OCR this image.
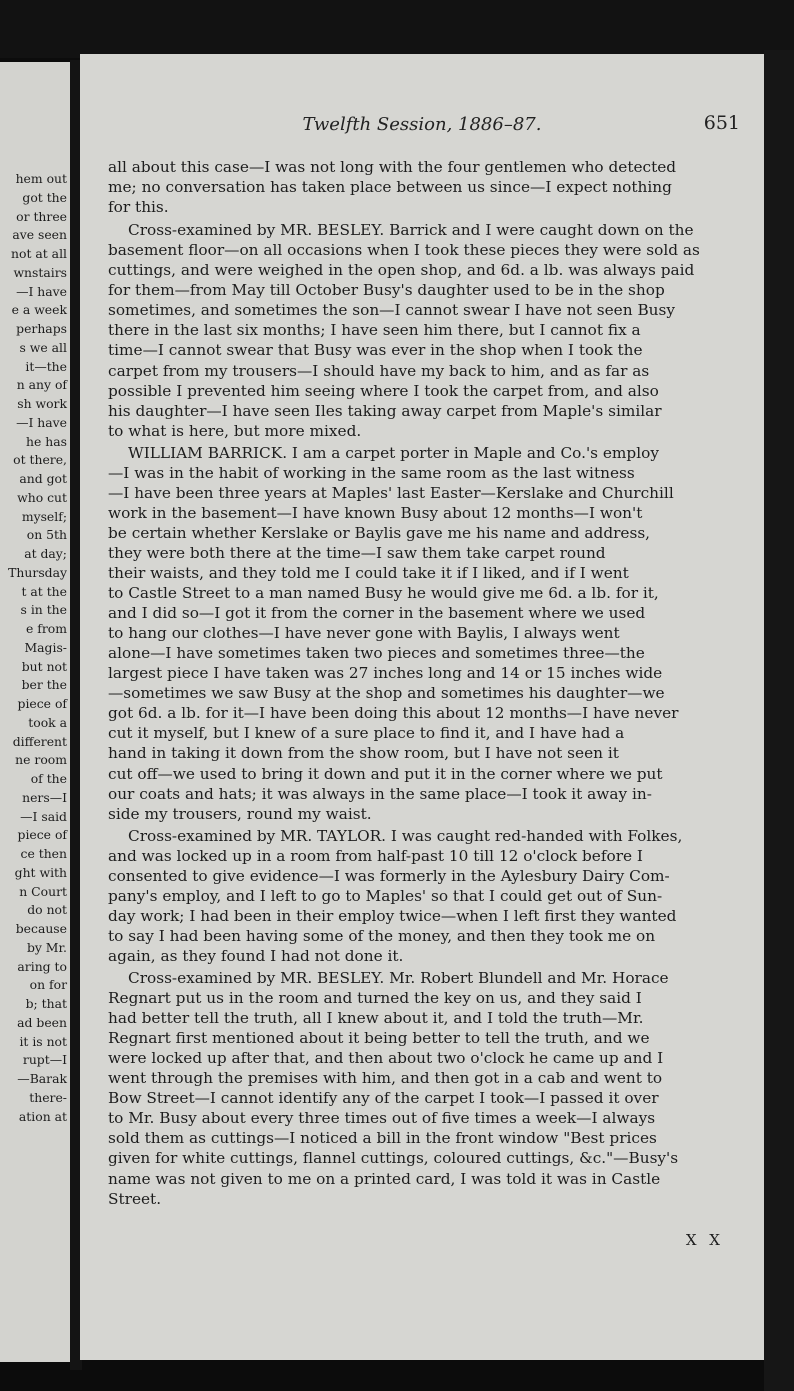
hem out
got the
or three
ave seen
not at all
wnstairs
—I have
e a week
perhaps
s we all
it—the
n any of
sh work
—I have
he has
ot there,
and got
who cut
myself;
on 5th
at day;
Thursday
t at the
s in the
e from
Magis-
but not
ber the
piece of
took a
different
ne room
of the
ners—I
—I said
piece of
ce then
ght with
n Court
do not
because
by Mr.
aring to
on for
b; that
ad been
it is not
rupt—I
—Barak
there-
ation at
Twelfth Session, 1886–87.	651
all about this case—I was not long with the four gentlemen who detected
me; no conversation has taken place between us since—I expect nothing
for this.
Cross-examined by MR. BESLEY. Barrick and I were caught down on the
basement floor—on all occasions when I took these pieces they were sold as
cuttings, and were weighed in the open shop, and 6d. a lb. was always paid
for them—from May till October Busy's daughter used to be in the shop
sometimes, and sometimes the son—I cannot swear I have not seen Busy
there in the last six months; I have seen him there, but I cannot fix a
time—I cannot swear that Busy was ever in the shop when I took the
carpet from my trousers—I should have my back to him, and as far as
possible I prevented him seeing where I took the carpet from, and also
his daughter—I have seen Iles taking away carpet from Maple's similar
to what is here, but more mixed.
WILLIAM BARRICK. I am a carpet porter in Maple and Co.'s employ
—I was in the habit of working in the same room as the last witness
—I have been three years at Maples' last Easter—Kerslake and Churchill
work in the basement—I have known Busy about 12 months—I won't
be certain whether Kerslake or Baylis gave me his name and address,
they were both there at the time—I saw them take carpet round
their waists, and they told me I could take it if I liked, and if I went
to Castle Street to a man named Busy he would give me 6d. a lb. for it,
and I did so—I got it from the corner in the basement where we used
to hang our clothes—I have never gone with Baylis, I always went
alone—I have sometimes taken two pieces and sometimes three—the
largest piece I have taken was 27 inches long and 14 or 15 inches wide
—sometimes we saw Busy at the shop and sometimes his daughter—we
got 6d. a lb. for it—I have been doing this about 12 months—I have never
cut it myself, but I knew of a sure place to find it, and I have had a
hand in taking it down from the show room, but I have not seen it
cut off—we used to bring it down and put it in the corner where we put
our coats and hats; it was always in the same place—I took it away in-
side my trousers, round my waist.
Cross-examined by MR. TAYLOR. I was caught red-handed with Folkes,
and was locked up in a room from half-past 10 till 12 o'clock before I
consented to give evidence—I was formerly in the Aylesbury Dairy Com-
pany's employ, and I left to go to Maples' so that I could get out of Sun-
day work; I had been in their employ twice—when I left first they wanted
to say I had been having some of the money, and then they took me on
again, as they found I had not done it.
Cross-examined by MR. BESLEY. Mr. Robert Blundell and Mr. Horace
Regnart put us in the room and turned the key on us, and they said I
had better tell the truth, all I knew about it, and I told the truth—Mr.
Regnart first mentioned about it being better to tell the truth, and we
were locked up after that, and then about two o'clock he came up and I
went through the premises with him, and then got in a cab and went to
Bow Street—I cannot identify any of the carpet I took—I passed it over
to Mr. Busy about every three times out of five times a week—I always
sold them as cuttings—I noticed a bill in the front window "Best prices
given for white cuttings, flannel cuttings, coloured cuttings, &c."—Busy's
name was not given to me on a printed card, I was told it was in Castle
Street.
X X
